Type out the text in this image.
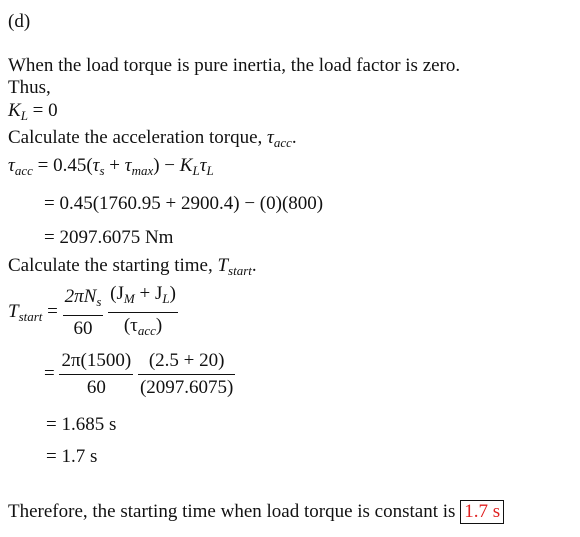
(d)
When the load torque is pure inertia, the load factor is zero.
Thus,
$K_L = 0$
Calculate the acceleration torque, $\tau_{acc}$.
$\tau_{acc} = 0.45(\tau_s + \tau_{max}) - K_L\tau_L$
= 0.45(1760.95 + 2900.4) − (0)(800)
= 2097.6075 Nm
Calculate the starting time, $T_{start}$.
$T_{start} = \frac{2\pi N_s}{60}$
$\frac{(J_M + J_L)}{(\tau_{acc})}$
= $\frac{2\pi(1500)}{60}$
$\frac{(2.5 + 20)}{(2097.6075)}$
= 1.685 s
= 1.7 s
Therefore, the starting time when load torque is constant is 1.7 s
